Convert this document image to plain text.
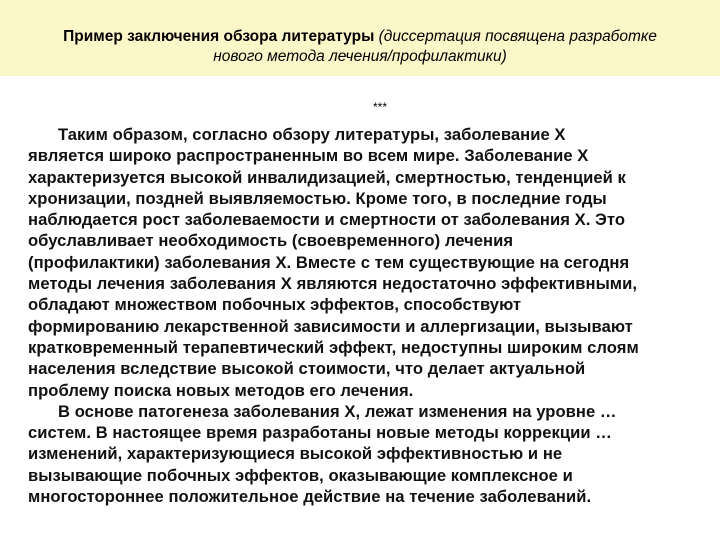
Пример заключения обзора литературы (диссертация посвящена разработке
нового метода лечения/профилактики)
***
Таким образом, согласно обзору литературы, заболевание Х
является широко распространенным во всем мире. Заболевание Х
характеризуется высокой инвалидизацией, смертностью, тенденцией к
хронизации, поздней выявляемостью. Кроме того, в последние годы
наблюдается рост заболеваемости и смертности от заболевания Х. Это
обуславливает необходимость (своевременного) лечения
(профилактики) заболевания Х. Вместе с тем существующие на сегодня
методы лечения заболевания Х являются недостаточно эффективными,
обладают множеством побочных эффектов, способствуют
формированию лекарственной зависимости и аллергизации, вызывают
кратковременный терапевтический эффект, недоступны широким слоям
населения вследствие высокой стоимости, что делает актуальной
проблему поиска новых методов его лечения.
В основе патогенеза заболевания Х, лежат изменения на уровне …
систем. В настоящее время разработаны новые методы коррекции …
изменений, характеризующиеся высокой эффективностью и не
вызывающие побочных эффектов, оказывающие комплексное и
многостороннее положительное действие на течение заболеваний.
